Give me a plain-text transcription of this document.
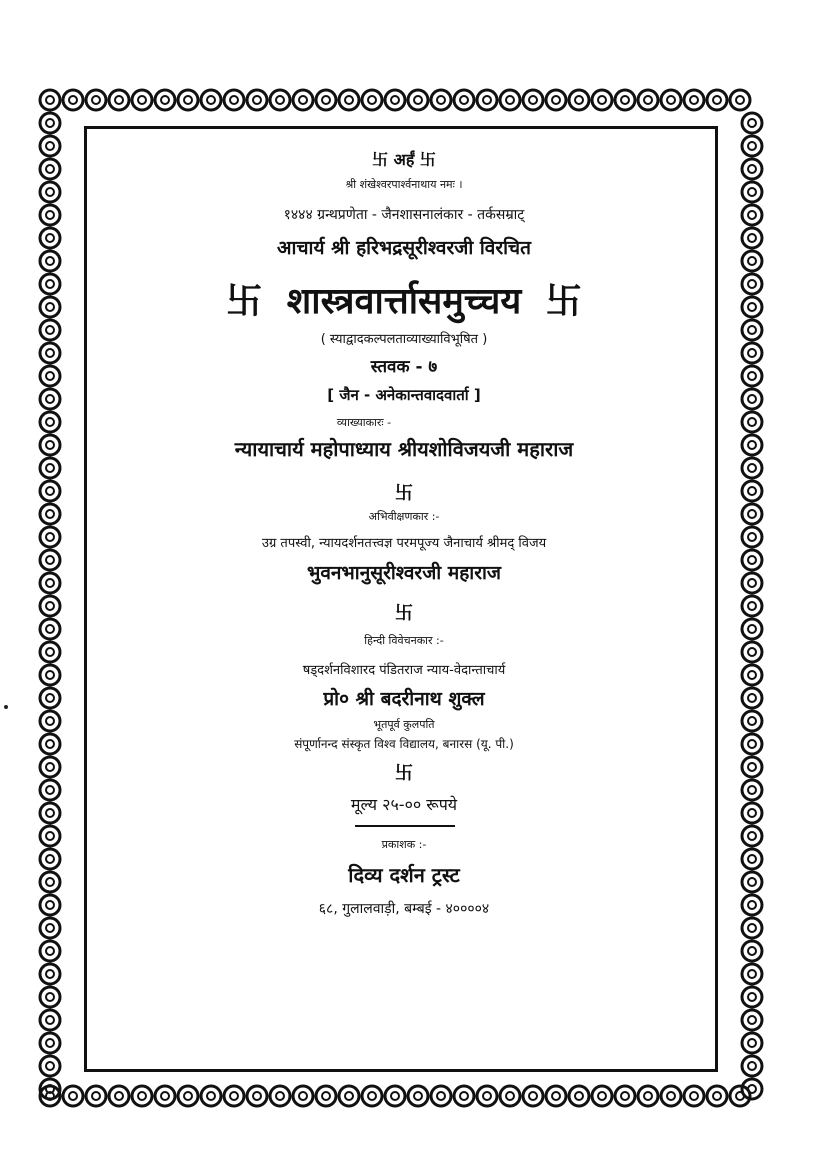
卐 अर्हं 卐
श्री शंखेश्वरपार्श्वनाथाय नमः ।
१४४४ ग्रन्थप्रणेता - जैनशासनालंकार - तर्कसम्राट्
आचार्य श्री हरिभद्रसूरीश्वरजी विरचित
卐 शास्त्रवार्त्तासमुच्चय 卐
( स्याद्वादकल्पलताव्याख्याविभूषित )
स्तवक - ७
[ जैन - अनेकान्तवादवार्ता ]
व्याख्याकारः -
न्यायाचार्य महोपाध्याय श्रीयशोविजयजी महाराज
卐
अभिवीक्षणकार :-
उग्र तपस्वी, न्यायदर्शनतत्त्वज्ञ परमपूज्य जैनाचार्य श्रीमद् विजय
भुवनभानुसूरीश्वरजी महाराज
卐
हिन्दी विवेचनकार :-
षड्दर्शनविशारद पंडितराज न्याय-वेदान्ताचार्य
प्रो० श्री बदरीनाथ शुक्ल
भूतपूर्व कुलपति
संपूर्णानन्द संस्कृत विश्व विद्यालय, बनारस (यू. पी.)
卐
मूल्य २५-०० रूपये
प्रकाशक :-
दिव्य दर्शन ट्रस्ट
६८, गुलालवाड़ी, बम्बई - ४००००४
